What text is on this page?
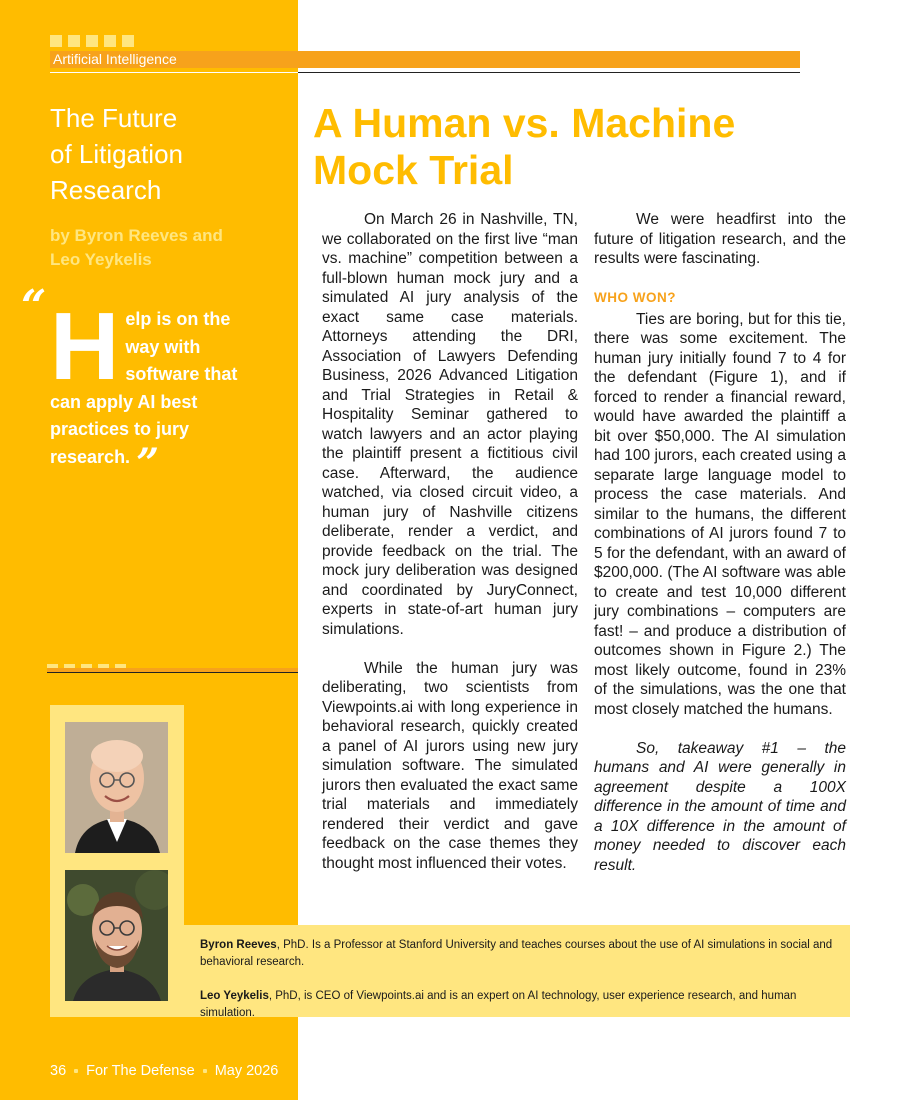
Artificial Intelligence
The Future
of Litigation
Research
by Byron Reeves and
Leo Yeykelis
“ Help is on the way with software that can apply AI best practices to jury research. ”
A Human vs. Machine
Mock Trial

On March 26 in Nashville, TN, we collaborated on the first live “man vs. machine” competition between a full-blown human mock jury and a simulated AI jury analysis of the exact same case materials. Attorneys attending the DRI, Association of Lawyers Defending Business, 2026 Advanced Litigation and Trial Strategies in Retail & Hospitality Seminar gathered to watch lawyers and an actor playing the plaintiff present a fictitious civil case. Afterward, the audience watched, via closed circuit video, a human jury of Nashville citizens deliberate, render a verdict, and provide feedback on the trial. The mock jury deliberation was designed and coordinated by JuryConnect, experts in state-of-art human jury simulations.

While the human jury was deliberating, two scientists from Viewpoints.ai with long experience in behavioral research, quickly created a panel of AI jurors using new jury simulation software. The simulated jurors then evaluated the exact same trial materials and immediately rendered their verdict and gave feedback on the case themes they thought most influenced their votes.

We were headfirst into the future of litigation research, and the results were fascinating.

WHO WON?

Ties are boring, but for this tie, there was some excitement. The human jury initially found 7 to 4 for the defendant (Figure 1), and if forced to render a financial reward, would have awarded the plaintiff a bit over $50,000. The AI simulation had 100 jurors, each created using a separate large language model to process the case materials. And similar to the humans, the different combinations of AI jurors found 7 to 5 for the defendant, with an award of $200,000. (The AI software was able to create and test 10,000 different jury combinations – computers are fast! – and produce a distribution of outcomes shown in Figure 2.) The most likely outcome, found in 23% of the simulations, was the one that most closely matched the humans.

So, takeaway #1 – the humans and AI were generally in agreement despite a 100X difference in the amount of time and a 10X difference in the amount of money needed to discover each result.

Byron Reeves, PhD. Is a Professor at Stanford University and teaches courses about the use of AI simulations in social and behavioral research.

Leo Yeykelis, PhD, is CEO of Viewpoints.ai and is an expert on AI technology, user experience research, and human simulation.

36 For The Defense May 2026
